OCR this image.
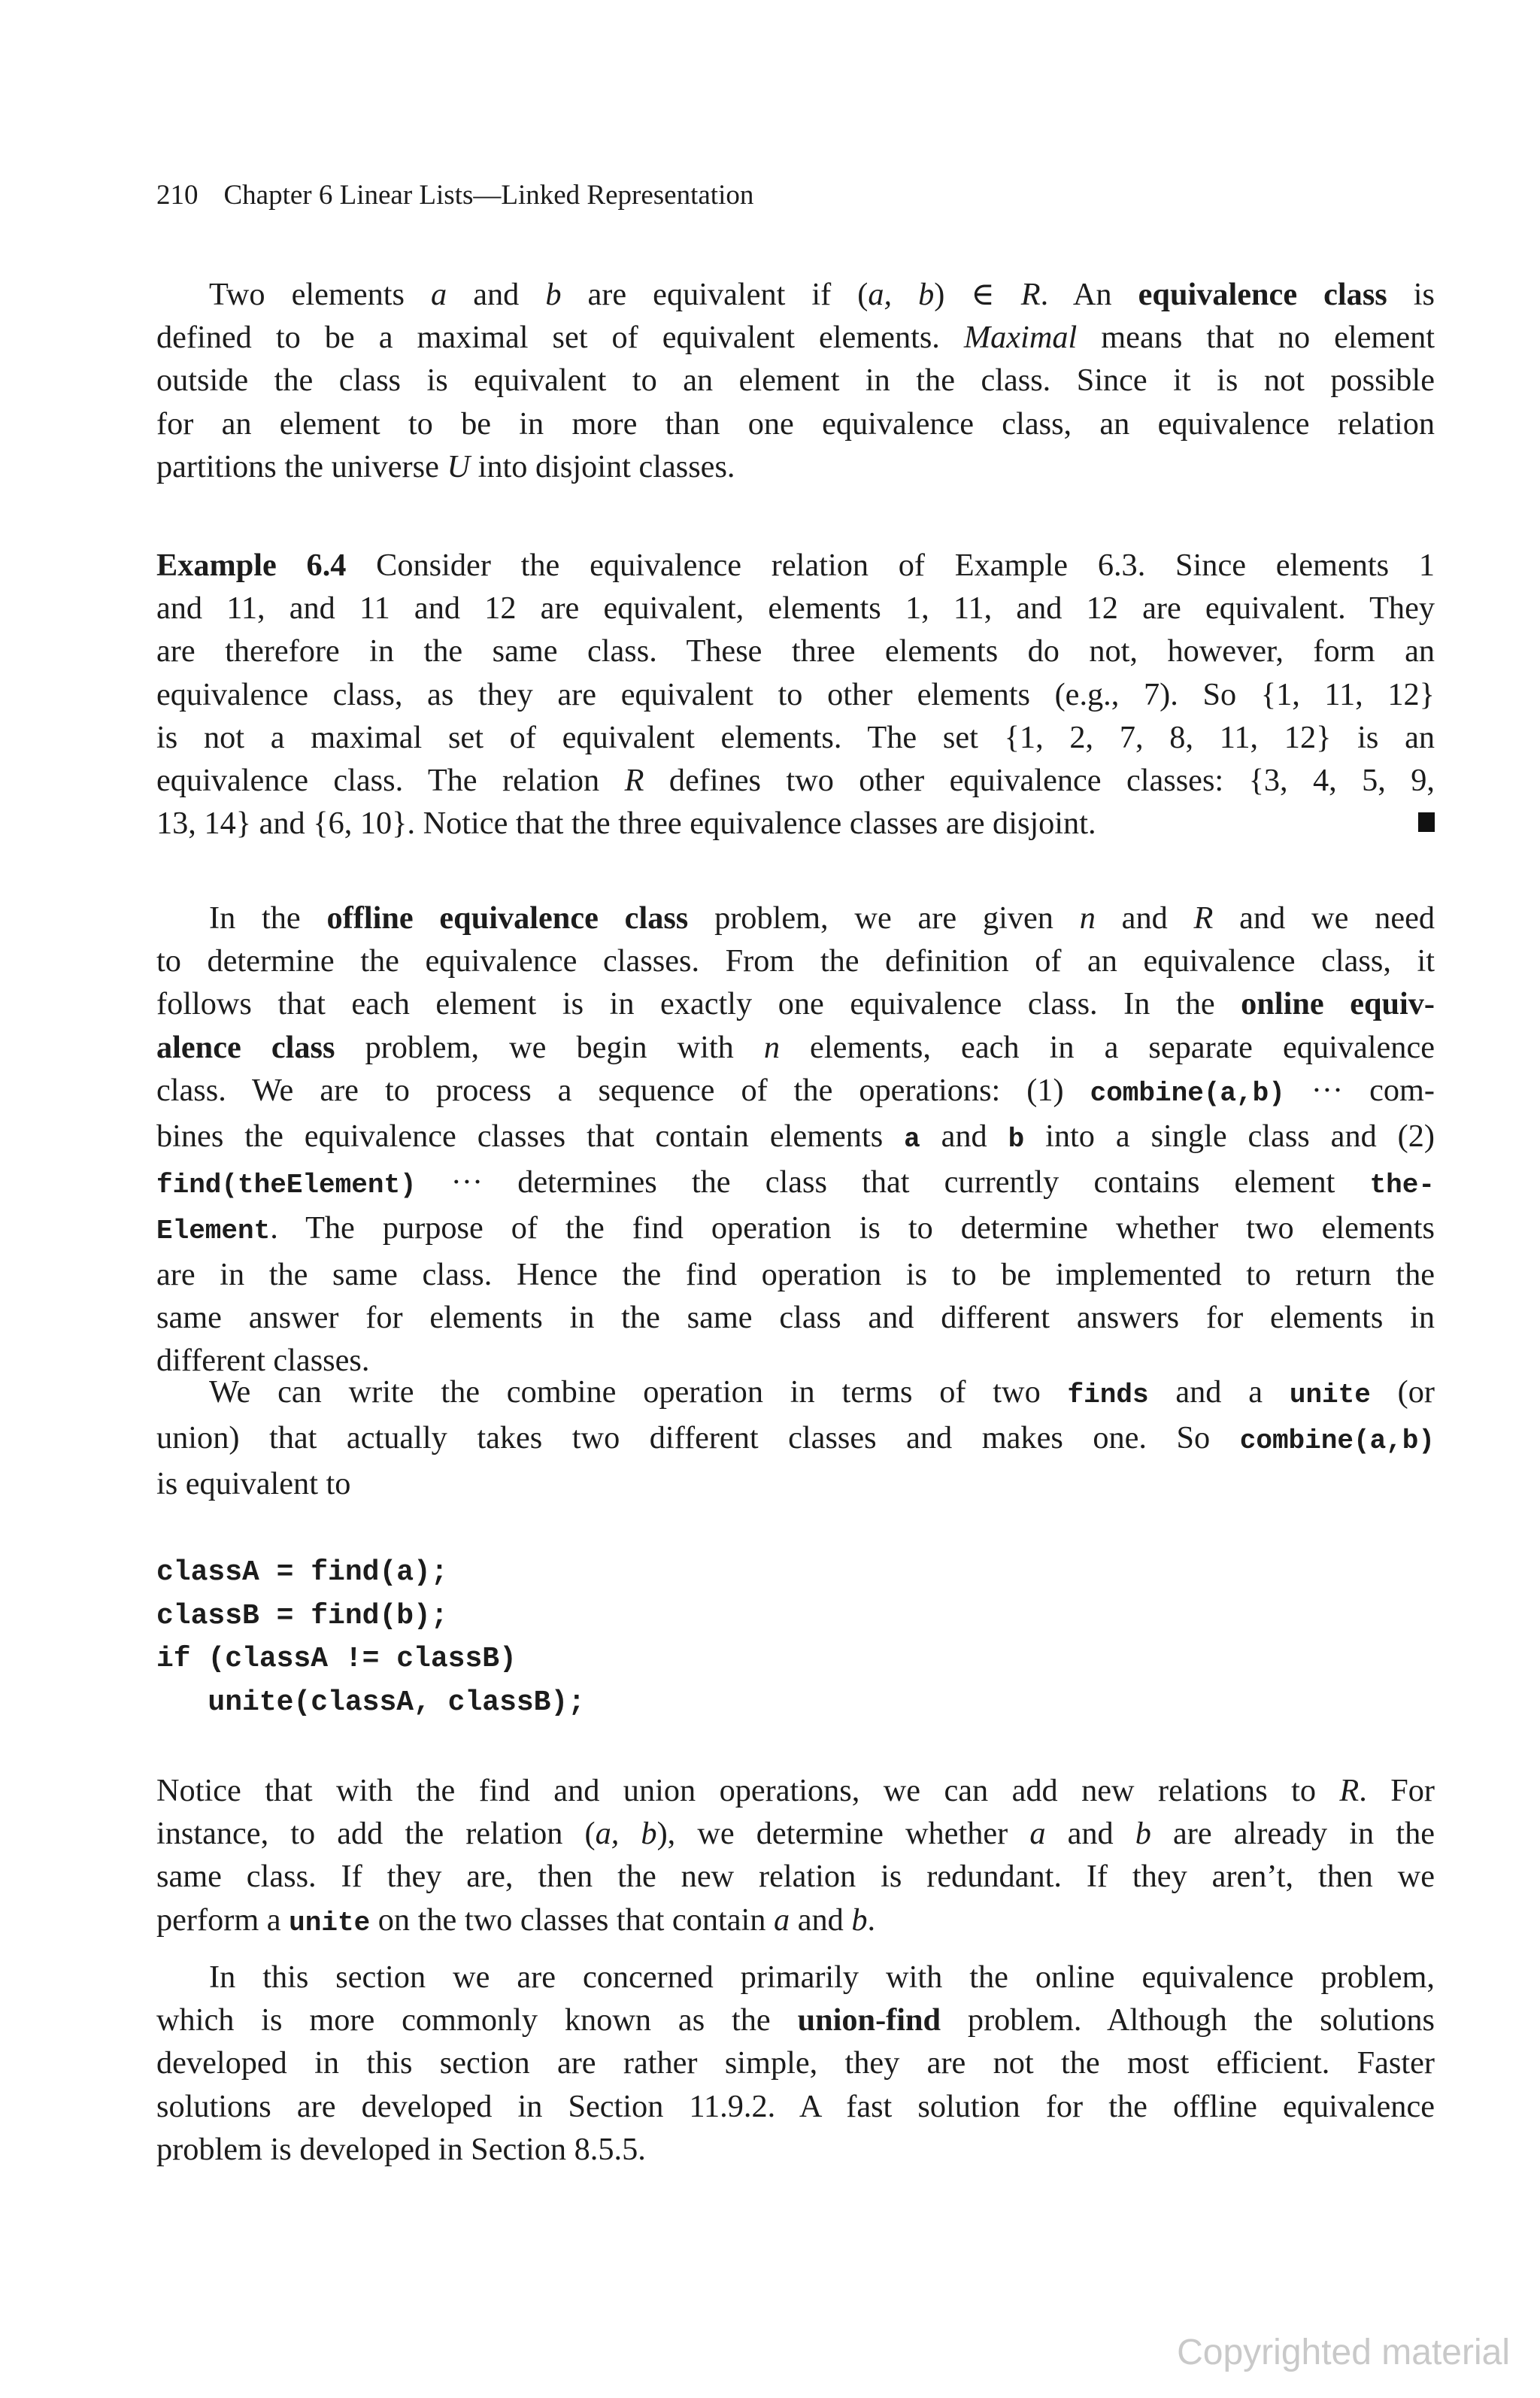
210 Chapter 6 Linear Lists—Linked Representation

Two elements a and b are equivalent if (a, b) ∈ R. An equivalence class is
defined to be a maximal set of equivalent elements. Maximal means that no element
outside the class is equivalent to an element in the class. Since it is not possible
for an element to be in more than one equivalence class, an equivalence relation
partitions the universe U into disjoint classes.

Example 6.4 Consider the equivalence relation of Example 6.3. Since elements 1
and 11, and 11 and 12 are equivalent, elements 1, 11, and 12 are equivalent. They
are therefore in the same class. These three elements do not, however, form an
equivalence class, as they are equivalent to other elements (e.g., 7). So {1, 11, 12}
is not a maximal set of equivalent elements. The set {1, 2, 7, 8, 11, 12} is an
equivalence class. The relation R defines two other equivalence classes: {3, 4, 5, 9,
13, 14} and {6, 10}. Notice that the three equivalence classes are disjoint.

In the offline equivalence class problem, we are given n and R and we need
to determine the equivalence classes. From the definition of an equivalence class, it
follows that each element is in exactly one equivalence class. In the online equiv-
alence class problem, we begin with n elements, each in a separate equivalence
class. We are to process a sequence of the operations: (1) combine(a,b) ··· com-
bines the equivalence classes that contain elements a and b into a single class and (2)
find(theElement) ··· determines the class that currently contains element the-
Element. The purpose of the find operation is to determine whether two elements
are in the same class. Hence the find operation is to be implemented to return the
same answer for elements in the same class and different answers for elements in
different classes.

We can write the combine operation in terms of two finds and a unite (or
union) that actually takes two different classes and makes one. So combine(a,b)
is equivalent to

classA = find(a);
classB = find(b);
if (classA != classB)
unite(classA, classB);

Notice that with the find and union operations, we can add new relations to R. For
instance, to add the relation (a, b), we determine whether a and b are already in the
same class. If they are, then the new relation is redundant. If they aren’t, then we
perform a unite on the two classes that contain a and b.

In this section we are concerned primarily with the online equivalence problem,
which is more commonly known as the union-find problem. Although the solutions
developed in this section are rather simple, they are not the most efficient. Faster
solutions are developed in Section 11.9.2. A fast solution for the offline equivalence
problem is developed in Section 8.5.5.

Copyrighted material
